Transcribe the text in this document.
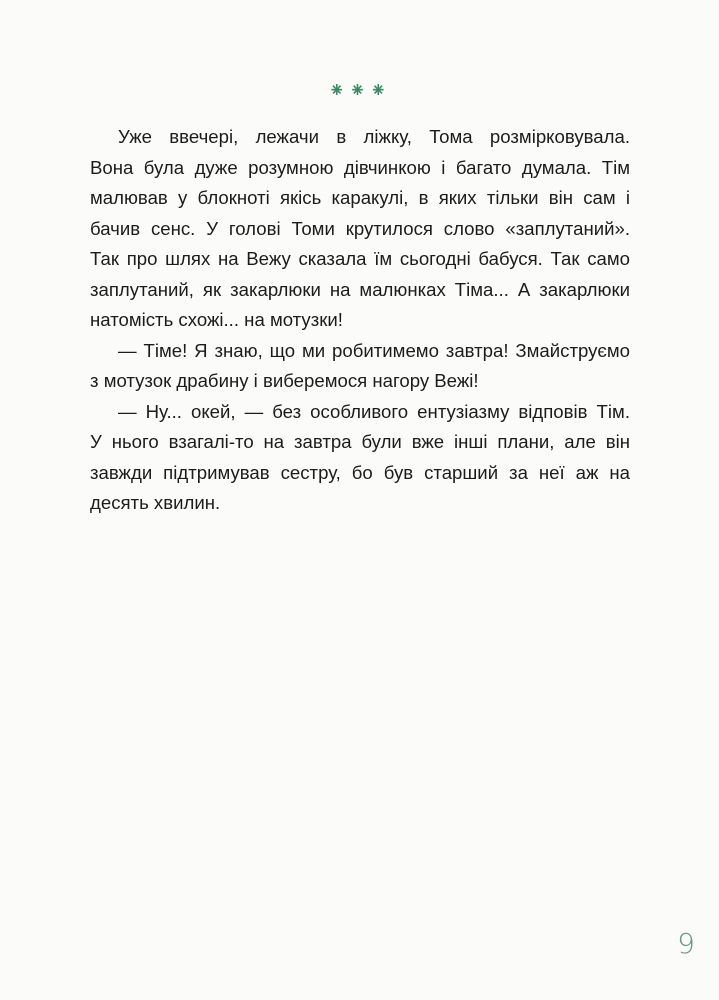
⁕⁕⁕
Уже ввечері, лежачи в ліжку, Тома розмірковувала.
Вона була дуже розумною дівчинкою і багато думала. Тім
малював у блокноті якісь каракулі, в яких тільки він сам і
бачив сенс. У голові Томи крутилося слово «заплутаний».
Так про шлях на Вежу сказала їм сьогодні бабуся. Так само
заплутаний, як закарлюки на малюнках Тіма... А закарлюки
натомість схожі... на мотузки!
— Тіме! Я знаю, що ми робитимемо завтра! Змайструємо
з мотузок драбину і виберемося нагору Вежі!
— Ну... окей, — без особливого ентузіазму відповів Тім.
У нього взагалі-то на завтра були вже інші плани, але він
завжди підтримував сестру, бо був старший за неї аж на
десять хвилин.
9
